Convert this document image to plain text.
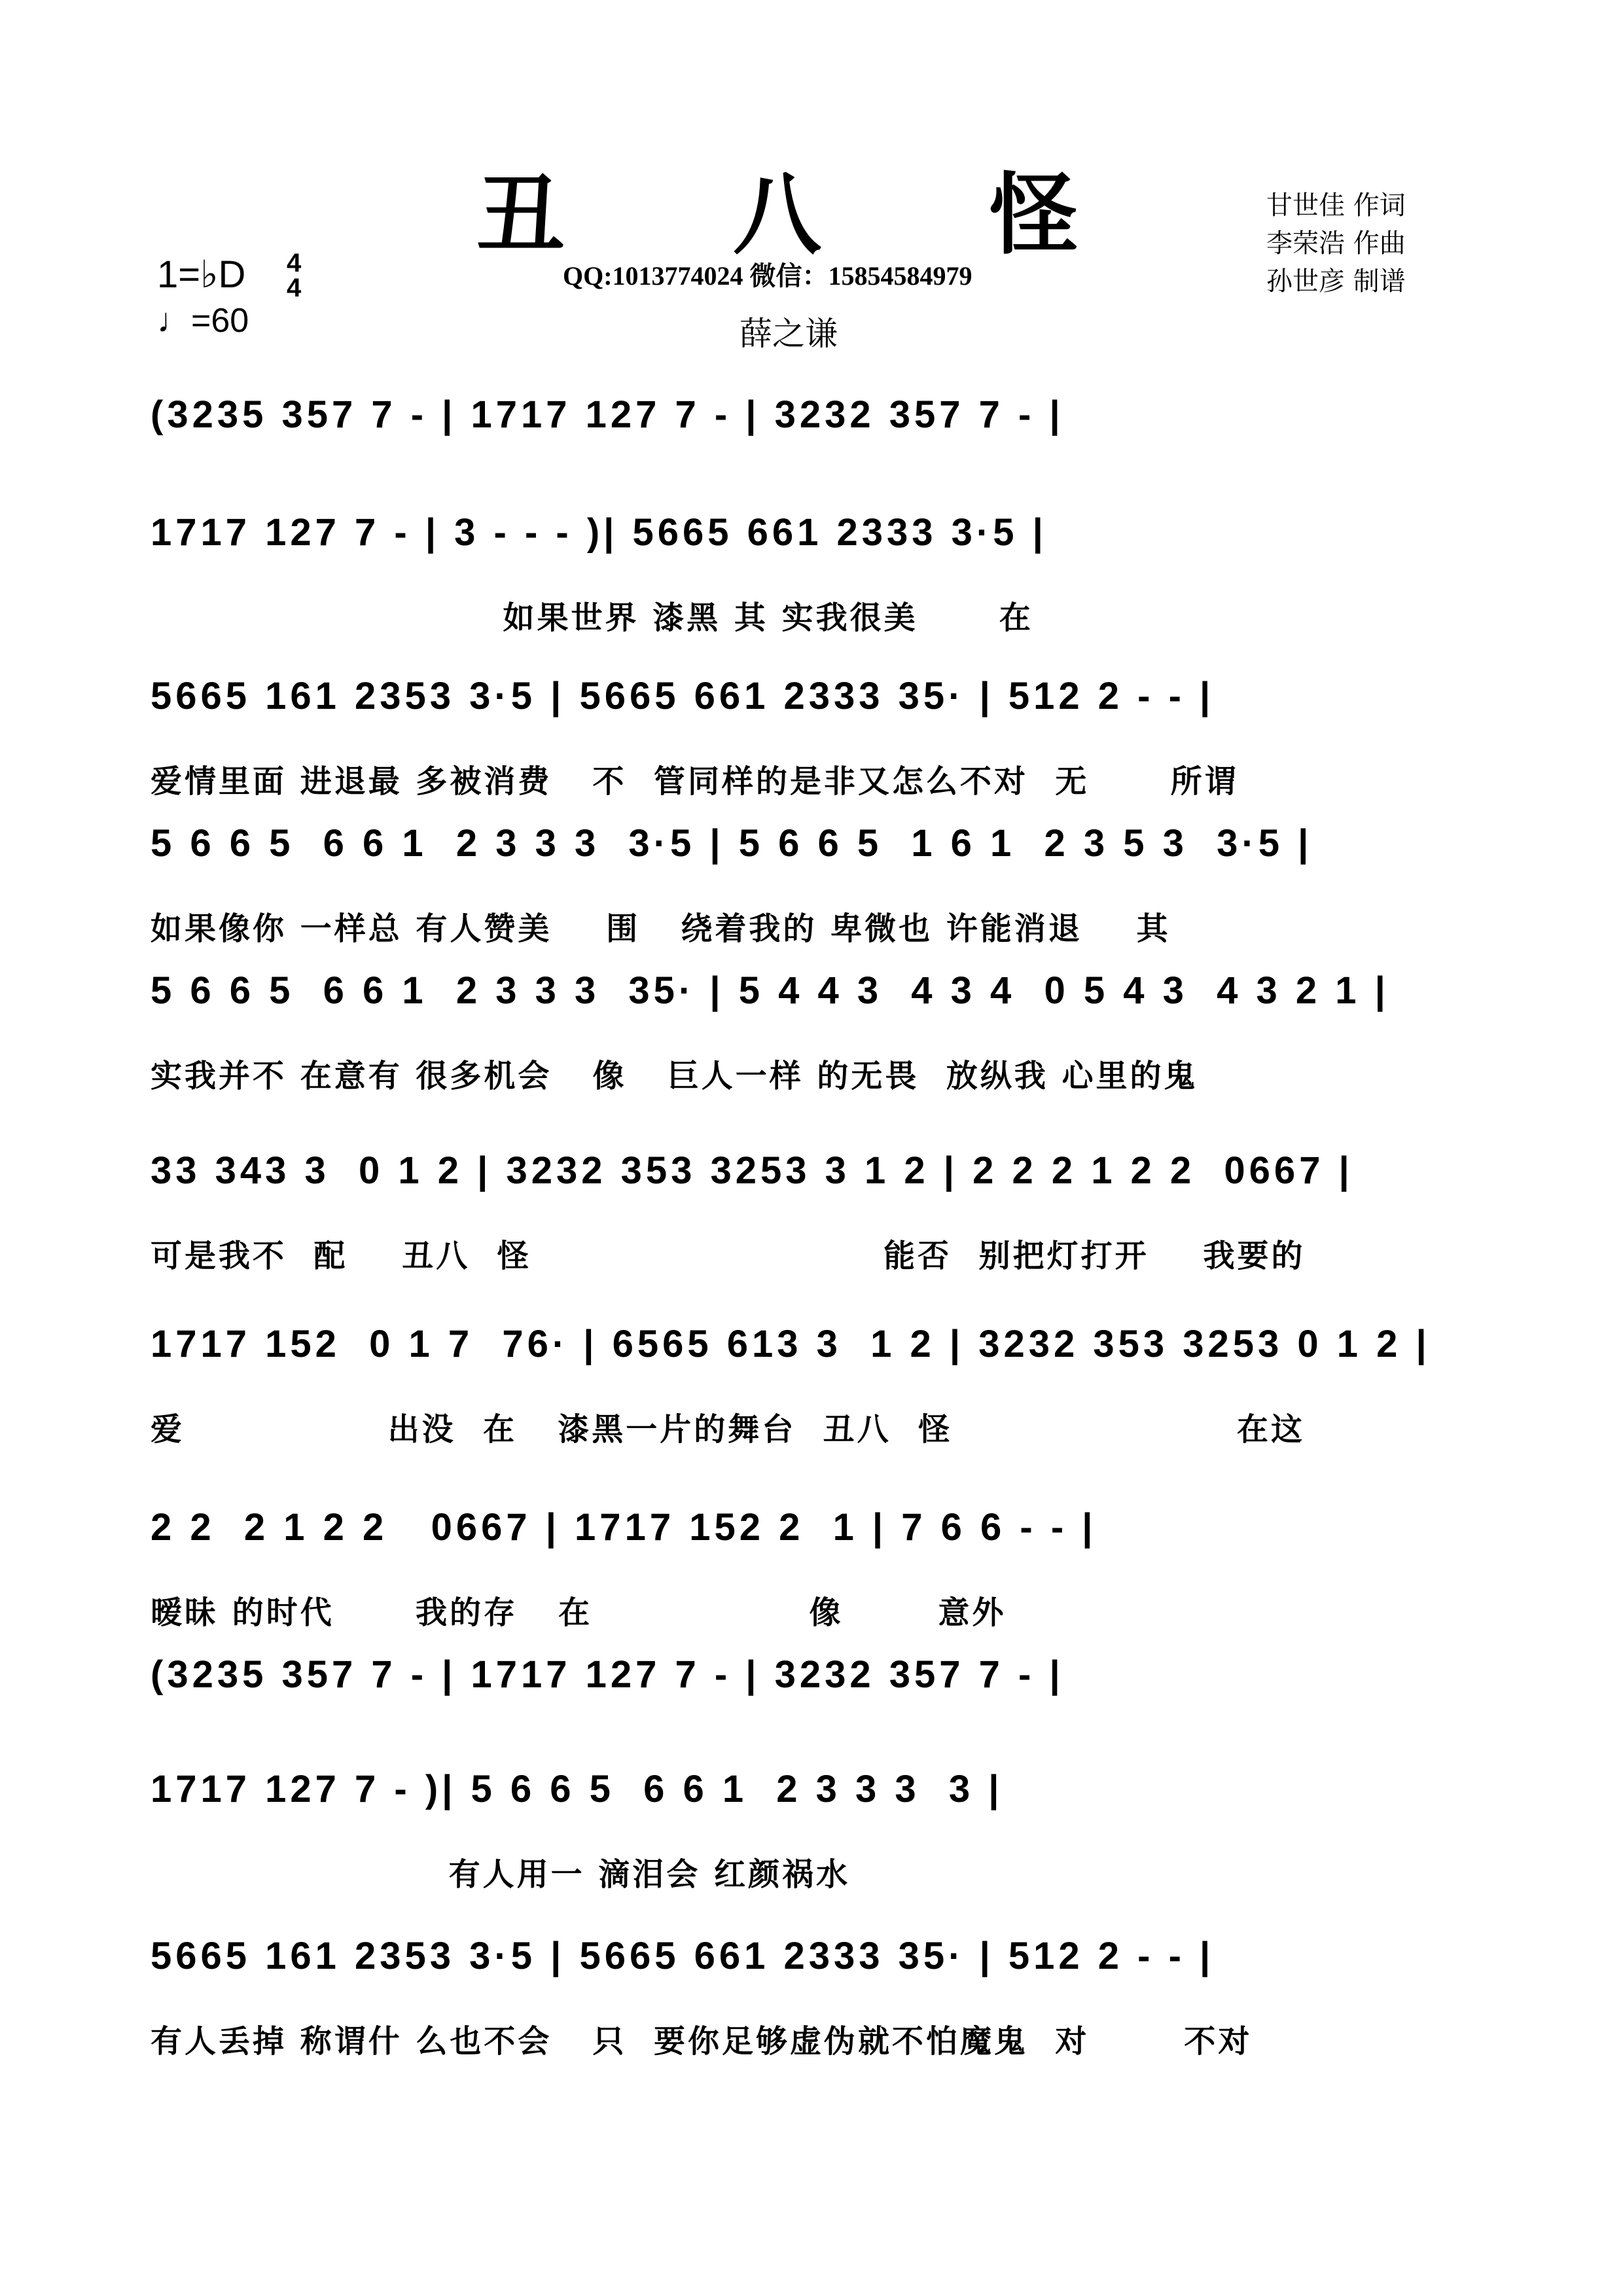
丑 八 怪
QQ:1013774024 微信：15854584979
薛之谦
甘世佳 作词
李荣浩 作曲
孙世彦 制谱
1=♭D 4
4
♩=60
(3235 357 7 - | 1717 127 7 - | 3232 357 7 - |
1717 127 7 - | 3 - - - )| 5665 661 2333 3·5 |
如果世界 漆黑 其 实我很美      在
5665 161 2353 3·5 | 5665 661 2333 35· | 512 2 - - |
爱情里面 进退最 多被消费   不  管同样的是非又怎么不对  无      所谓
5 6 6 5  6 6 1  2 3 3 3  3·5 | 5 6 6 5  1 6 1  2 3 5 3  3·5 |
如果像你 一样总 有人赞美    围   绕着我的 卑微也 许能消退    其
5 6 6 5  6 6 1  2 3 3 3  35· | 5 4 4 3  4 3 4  0 5 4 3  4 3 2 1 |
实我并不 在意有 很多机会   像   巨人一样 的无畏  放纵我 心里的鬼
33 343 3  0 1 2 | 3232 353 3253 3 1 2 | 2 2 2 1 2 2  0667 |
可是我不  配    丑八  怪                          能否  别把灯打开    我要的
1717 152  0 1 7  76· | 6565 613 3  1 2 | 3232 353 3253 0 1 2 |
爱               出没  在   漆黑一片的舞台  丑八  怪                     在这
2 2  2 1 2 2   0667 | 1717 152 2  1 | 7 6 6 - - |
暧昧 的时代      我的存   在                像       意外
(3235 357 7 - | 1717 127 7 - | 3232 357 7 - |
1717 127 7 - )| 5 6 6 5  6 6 1  2 3 3 3  3 |
有人用一 滴泪会 红颜祸水
5665 161 2353 3·5 | 5665 661 2333 35· | 512 2 - - |
有人丢掉 称谓什 么也不会   只  要你足够虚伪就不怕魔鬼  对       不对
